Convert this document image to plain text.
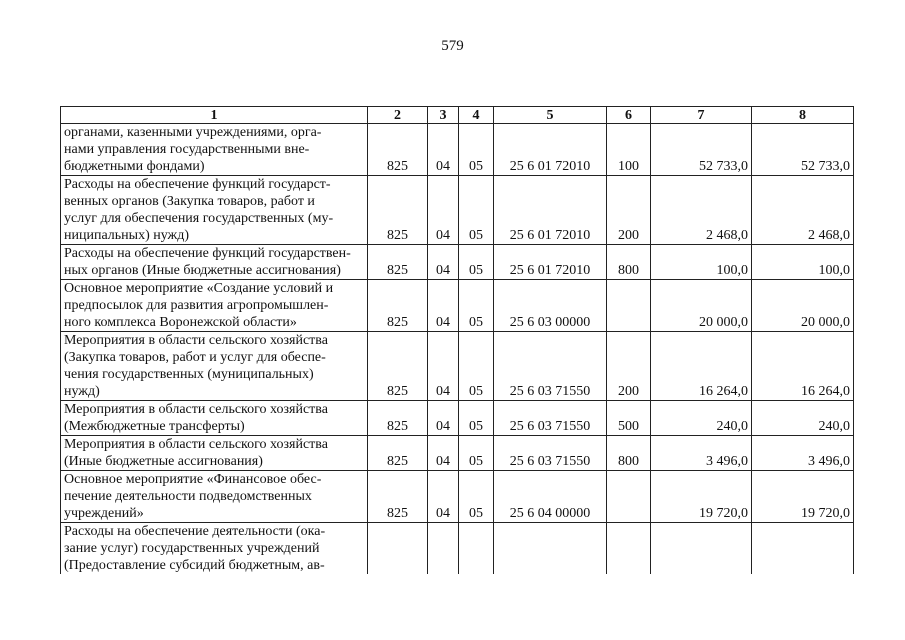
579
1	2	3	4	5	6	7	8
органами, казенными учреждениями, орга-
нами управления государственными вне-
бюджетными фондами)	825	04	05	25 6 01 72010	100	52 733,0	52 733,0
Расходы на обеспечение функций государст-
венных органов (Закупка товаров, работ и
услуг для обеспечения государственных (му-
ниципальных) нужд)	825	04	05	25 6 01 72010	200	2 468,0	2 468,0
Расходы на обеспечение функций государствен-
ных органов (Иные бюджетные ассигнования)	825	04	05	25 6 01 72010	800	100,0	100,0
Основное мероприятие «Создание условий и
предпосылок для развития агропромышлен-
ного комплекса Воронежской области»	825	04	05	25 6 03 00000		20 000,0	20 000,0
Мероприятия в области сельского хозяйства
(Закупка товаров, работ и услуг для обеспе-
чения государственных (муниципальных)
нужд)	825	04	05	25 6 03 71550	200	16 264,0	16 264,0
Мероприятия в области сельского хозяйства
(Межбюджетные трансферты)	825	04	05	25 6 03 71550	500	240,0	240,0
Мероприятия в области сельского хозяйства
(Иные бюджетные ассигнования)	825	04	05	25 6 03 71550	800	3 496,0	3 496,0
Основное мероприятие «Финансовое обес-
печение деятельности подведомственных
учреждений»	825	04	05	25 6 04 00000		19 720,0	19 720,0
Расходы на обеспечение деятельности (ока-
зание услуг) государственных учреждений
(Предоставление субсидий бюджетным, ав-							
